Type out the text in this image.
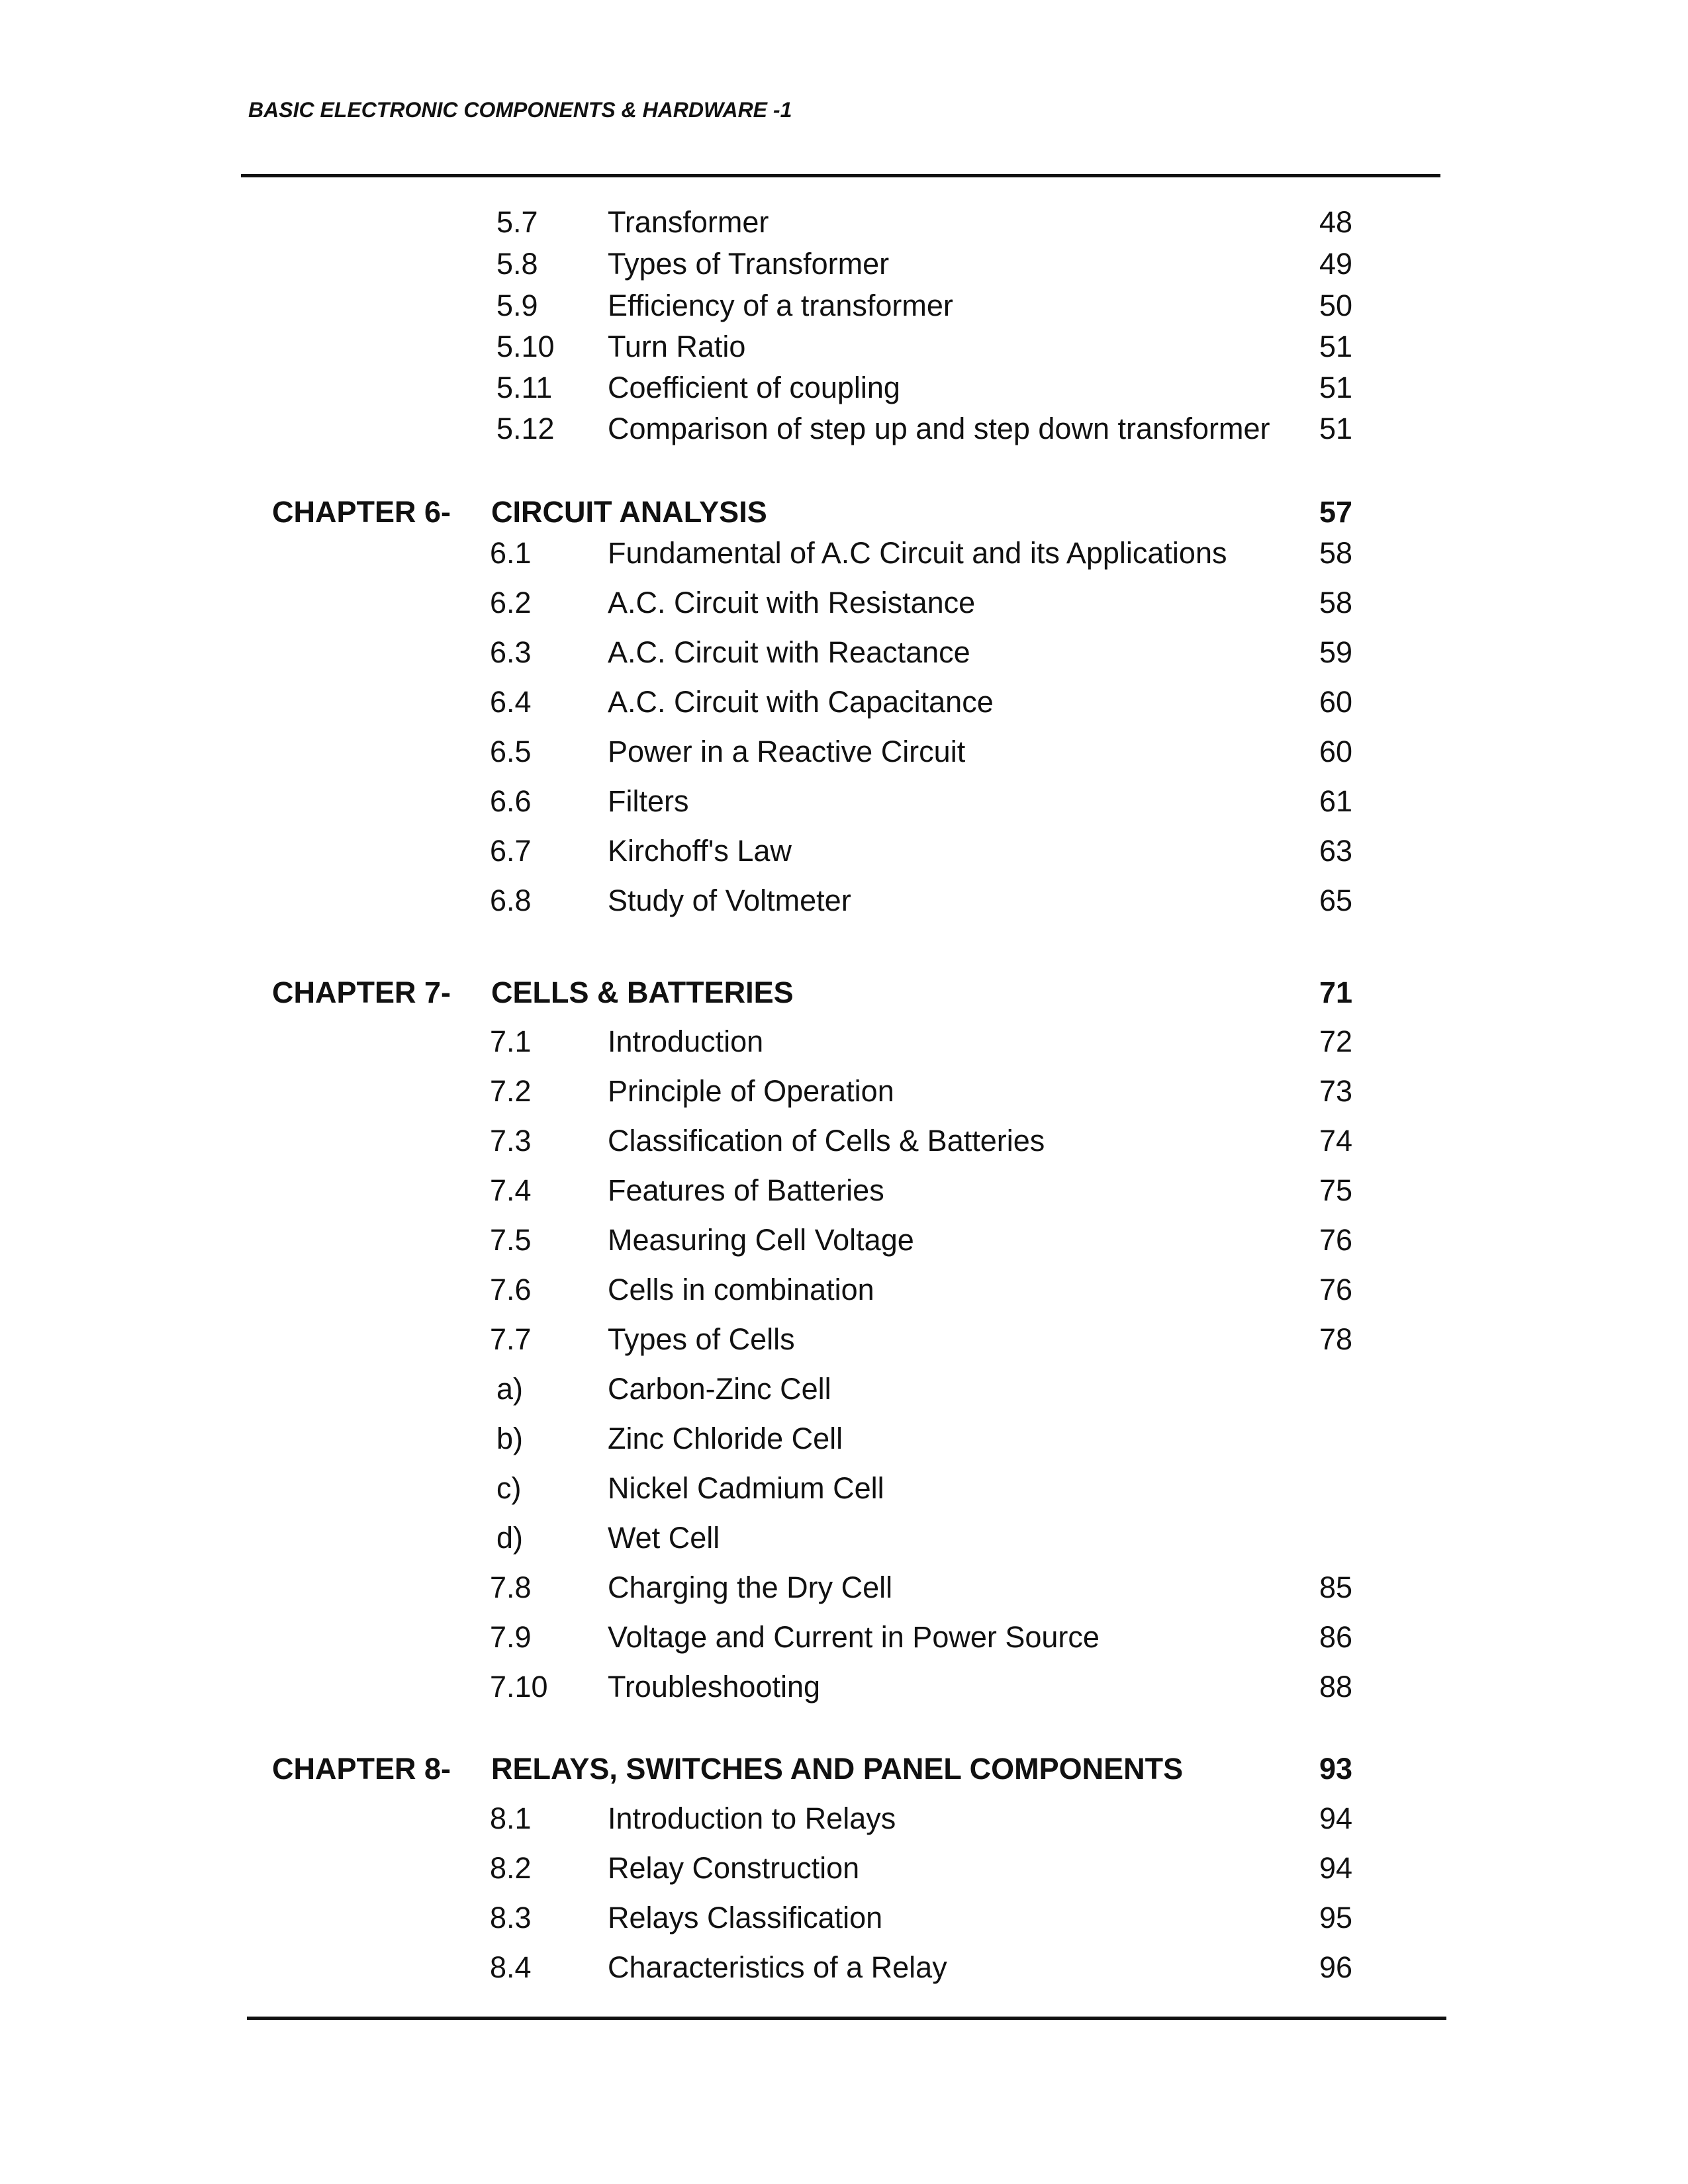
BASIC ELECTRONIC COMPONENTS & HARDWARE -1
5.7 Transformer	48
5.8 Types of Transformer	49
5.9 Efficiency of a transformer	50
5.10 Turn Ratio	51
5.11 Coefficient of coupling	51
5.12 Comparison of step up and step down transformer 51
CHAPTER 6- CIRCUIT ANALYSIS	57
6.1	Fundamental of A.C Circuit and its Applications	58
6.2	A.C. Circuit with Resistance	58
6.3	A.C. Circuit with Reactance	59
6.4	A.C. Circuit with Capacitance	60
6.5	Power in a Reactive Circuit	60
6.6	Filters	61
6.7	Kirchoff's Law	63
6.8	Study of Voltmeter	65
CHAPTER 7- CELLS & BATTERIES	71
7.1	Introduction	72
7.2	Principle of Operation	73
7.3	Classification of Cells & Batteries	74
7.4	Features of Batteries	75
7.5	Measuring Cell Voltage	76
7.6	Cells in combination	76
7.7	Types of Cells	78
a)	Carbon-Zinc Cell
b)	Zinc Chloride Cell
c)	Nickel Cadmium Cell
d)	Wet Cell
7.8	Charging the Dry Cell	85
7.9	Voltage and Current in Power Source	86
7.10 Troubleshooting	88
CHAPTER 8- RELAYS, SWITCHES AND PANEL COMPONENTS	93
8.1	Introduction to Relays	94
8.2	Relay Construction	94
8.3	Relays Classification	95
8.4	Characteristics of a Relay	96
